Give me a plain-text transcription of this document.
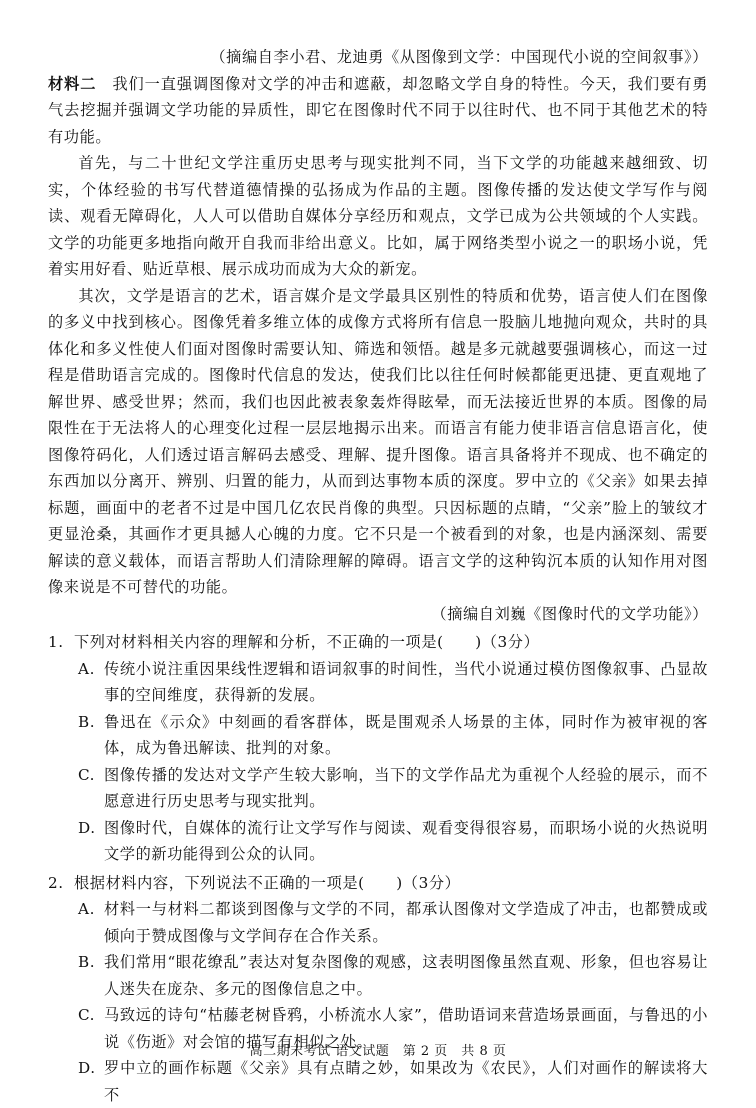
（摘编自李小君、龙迪勇《从图像到文学：中国现代小说的空间叙事》）

材料二　 我们一直强调图像对文学的冲击和遮蔽，却忽略文学自身的特性。今天，我们要有勇气去挖掘并强调文学功能的异质性，即它在图像时代不同于以往时代、也不同于其他艺术的特有功能。

首先，与二十世纪文学注重历史思考与现实批判不同，当下文学的功能越来越细致、切实，个体经验的书写代替道德情操的弘扬成为作品的主题。图像传播的发达使文学写作与阅读、观看无障碍化，人人可以借助自媒体分享经历和观点，文学已成为公共领域的个人实践。文学的功能更多地指向敞开自我而非给出意义。比如，属于网络类型小说之一的职场小说，凭着实用好看、贴近草根、展示成功而成为大众的新宠。

其次，文学是语言的艺术，语言媒介是文学最具区别性的特质和优势，语言使人们在图像的多义中找到核心。图像凭着多维立体的成像方式将所有信息一股脑儿地抛向观众，共时的具体化和多义性使人们面对图像时需要认知、筛选和领悟。越是多元就越要强调核心，而这一过程是借助语言完成的。图像时代信息的发达，使我们比以往任何时候都能更迅捷、更直观地了解世界、感受世界；然而，我们也因此被表象轰炸得眩晕，而无法接近世界的本质。图像的局限性在于无法将人的心理变化过程一层层地揭示出来。而语言有能力使非语言信息语言化，使图像符码化，人们透过语言解码去感受、理解、提升图像。语言具备将并不现成、也不确定的东西加以分离开、辨别、归置的能力，从而到达事物本质的深度。罗中立的《父亲》如果去掉标题，画面中的老者不过是中国几亿农民肖像的典型。只因标题的点睛，“父亲”脸上的皱纹才更显沧桑，其画作才更具撼人心魄的力度。它不只是一个被看到的对象，也是内涵深刻、需要解读的意义载体，而语言帮助人们清除理解的障碍。语言文学的这种钩沉本质的认知作用对图像来说是不可替代的功能。

（摘编自刘巍《图像时代的文学功能》）

1. 下列对材料相关内容的理解和分析，不正确的一项是(　　)（3分）
A. 传统小说注重因果线性逻辑和语词叙事的时间性，当代小说通过模仿图像叙事、凸显故事的空间维度，获得新的发展。
B. 鲁迅在《示众》中刻画的看客群体，既是围观杀人场景的主体，同时作为被审视的客体，成为鲁迅解读、批判的对象。
C. 图像传播的发达对文学产生较大影响，当下的文学作品尤为重视个人经验的展示，而不愿意进行历史思考与现实批判。
D. 图像时代，自媒体的流行让文学写作与阅读、观看变得很容易，而职场小说的火热说明文学的新功能得到公众的认同。
2. 根据材料内容，下列说法不正确的一项是(　　)（3分）
A. 材料一与材料二都谈到图像与文学的不同，都承认图像对文学造成了冲击，也都赞成或倾向于赞成图像与文学间存在合作关系。
B. 我们常用“眼花缭乱”表达对复杂图像的观感，这表明图像虽然直观、形象，但也容易让人迷失在庞杂、多元的图像信息之中。
C. 马致远的诗句“枯藤老树昏鸦，小桥流水人家”，借助语词来营造场景画面，与鲁迅的小说《伤逝》对会馆的描写有相似之处。
D. 罗中立的画作标题《父亲》具有点睛之妙，如果改为《农民》，人们对画作的解读将大不
高二期末考试 语文试题　第 2 页　共 8 页
